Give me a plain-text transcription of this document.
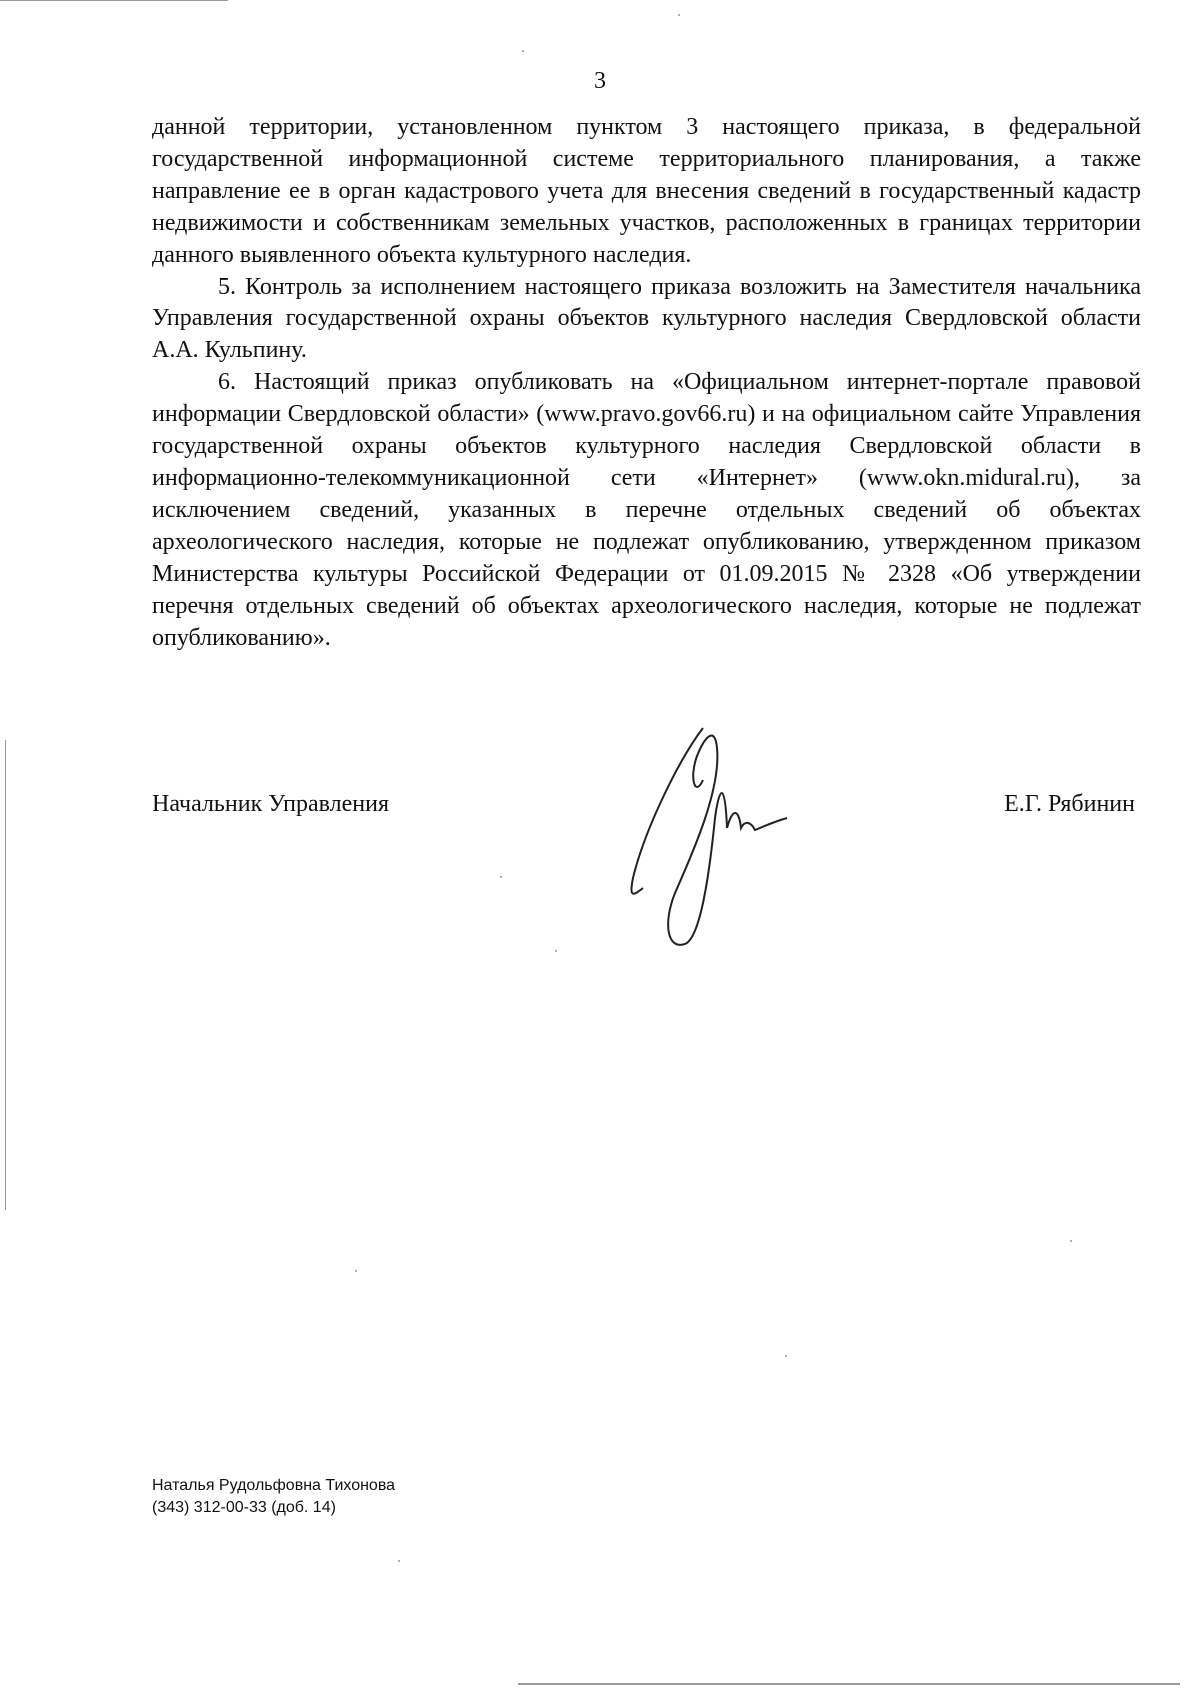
3

данной территории, установленном пунктом 3 настоящего приказа, в федеральной государственной информационной системе территориального планирования, а также направление ее в орган кадастрового учета для внесения сведений в государственный кадастр недвижимости и собственникам земельных участков, расположенных в границах территории данного выявленного объекта культурного наследия.

5. Контроль за исполнением настоящего приказа возложить на Заместителя начальника Управления государственной охраны объектов культурного наследия Свердловской области А.А. Кульпину.

6. Настоящий приказ опубликовать на «Официальном интернет-портале правовой информации Свердловской области» (www.pravo.gov66.ru) и на официальном сайте Управления государственной охраны объектов культурного наследия Свердловской области в информационно-телекоммуникационной сети «Интернет» (www.okn.midural.ru), за исключением сведений, указанных в перечне отдельных сведений об объектах археологического наследия, которые не подлежат опубликованию, утвержденном приказом Министерства культуры Российской Федерации от 01.09.2015 № 2328 «Об утверждении перечня отдельных сведений об объектах археологического наследия, которые не подлежат опубликованию».

Начальник Управления	Е.Г. Рябинин
Наталья Рудольфовна Тихонова
(343) 312-00-33 (доб. 14)
